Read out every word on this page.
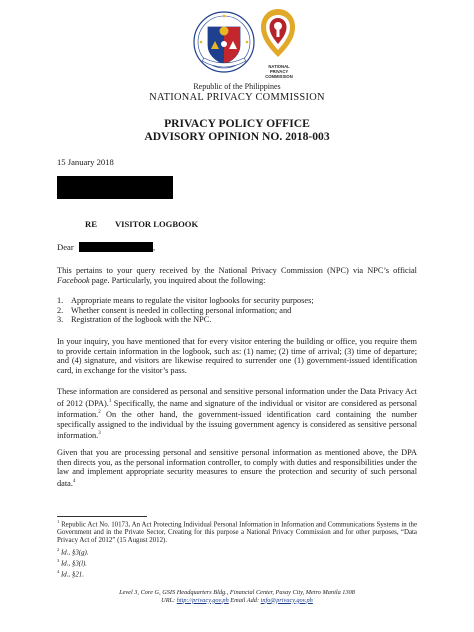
NATIONAL
PRIVACY
COMMISSION
Republic of the Philippines
NATIONAL PRIVACY COMMISSION
PRIVACY POLICY OFFICE
ADVISORY OPINION NO. 2018-003
15 January 2018
RE VISITOR LOGBOOK
Dear	,
This pertains to your query received by the National Privacy Commission (NPC) via NPC’s official Facebook page. Particularly, you inquired about the following:
1. Appropriate means to regulate the visitor logbooks for security purposes;
2. Whether consent is needed in collecting personal information; and
3. Registration of the logbook with the NPC.
In your inquiry, you have mentioned that for every visitor entering the building or office, you require them to provide certain information in the logbook, such as: (1) name; (2) time of arrival; (3) time of departure; and (4) signature, and visitors are likewise required to surrender one (1) government-issued identification card, in exchange for the visitor’s pass.
These information are considered as personal and sensitive personal information under the Data Privacy Act of 2012 (DPA).$^1$ Specifically, the name and signature of the individual or visitor are considered as personal information.$^2$ On the other hand, the government-issued identification card containing the number specifically assigned to the individual by the issuing government agency is considered as sensitive personal information.$^3$
Given that you are processing personal and sensitive personal information as mentioned above, the DPA then directs you, as the personal information controller, to comply with duties and responsibilities under the law and implement appropriate security measures to ensure the protection and security of such personal data.$^4$
$^1$ Republic Act No. 10173, An Act Protecting Individual Personal Information in Information and Communications Systems in the Government and in the Private Sector, Creating for this purpose a National Privacy Commission and for other purposes, “Data Privacy Act of 2012” (15 August 2012).
$^2$ Id., §3(g).
$^3$ Id., §3(l).
$^4$ Id., §21.
Level 3, Core G, GSIS Headquarters Bldg., Financial Center, Pasay City, Metro Manila 1308
URL: http://privacy.gov.ph Email Add: info@privacy.gov.ph
